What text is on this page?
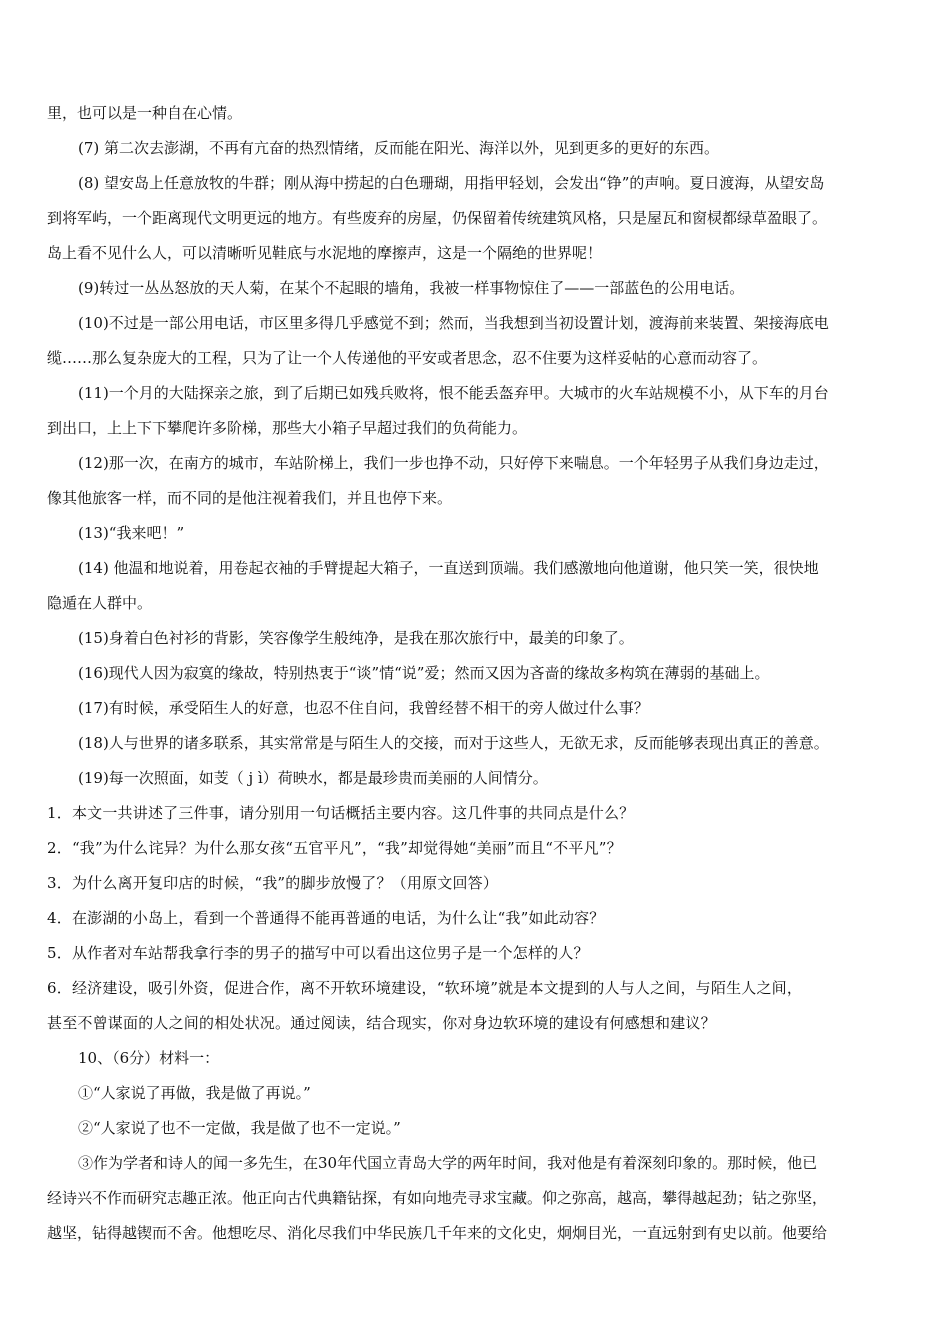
里，也可以是一种自在心情。

(7) 第二次去澎湖，不再有亢奋的热烈情绪，反而能在阳光、海洋以外，见到更多的更好的东西。

(8) 望安岛上任意放牧的牛群；刚从海中捞起的白色珊瑚，用指甲轻划，会发出“铮”的声响。夏日渡海，从望安岛

到将军屿，一个距离现代文明更远的地方。有些废弃的房屋，仍保留着传统建筑风格，只是屋瓦和窗棂都绿草盈眼了。

岛上看不见什么人，可以清晰听见鞋底与水泥地的摩擦声，这是一个隔绝的世界呢！

(9)转过一丛丛怒放的天人菊，在某个不起眼的墙角，我被一样事物惊住了——一部蓝色的公用电话。

(10)不过是一部公用电话，市区里多得几乎感觉不到；然而，当我想到当初设置计划，渡海前来装置、架接海底电

缆……那么复杂庞大的工程，只为了让一个人传递他的平安或者思念，忍不住要为这样妥帖的心意而动容了。

(11)一个月的大陆探亲之旅，到了后期已如残兵败将，恨不能丢盔弃甲。大城市的火车站规模不小，从下车的月台

到出口，上上下下攀爬许多阶梯，那些大小箱子早超过我们的负荷能力。

(12)那一次，在南方的城市，车站阶梯上，我们一步也挣不动，只好停下来喘息。一个年轻男子从我们身边走过，

像其他旅客一样，而不同的是他注视着我们，并且也停下来。

(13)“我来吧！”

(14) 他温和地说着，用卷起衣袖的手臂提起大箱子，一直送到顶端。我们感激地向他道谢，他只笑一笑，很快地

隐遁在人群中。

(15)身着白色衬衫的背影，笑容像学生般纯净，是我在那次旅行中，最美的印象了。

(16)现代人因为寂寞的缘故，特别热衷于“谈”情“说”爱；然而又因为吝啬的缘故多构筑在薄弱的基础上。

(17)有时候，承受陌生人的好意，也忍不住自问，我曾经替不相干的旁人做过什么事？

(18)人与世界的诸多联系，其实常常是与陌生人的交接，而对于这些人，无欲无求，反而能够表现出真正的善意。

(19)每一次照面，如芰（ j ì）荷映水，都是最珍贵而美丽的人间情分。

1．本文一共讲述了三件事，请分别用一句话概括主要内容。这几件事的共同点是什么？

2．“我”为什么诧异？为什么那女孩“五官平凡”，“我”却觉得她“美丽”而且“不平凡”？

3．为什么离开复印店的时候，“我”的脚步放慢了？（用原文回答）

4．在澎湖的小岛上，看到一个普通得不能再普通的电话，为什么让“我”如此动容？

5．从作者对车站帮我拿行李的男子的描写中可以看出这位男子是一个怎样的人？

6．经济建设，吸引外资，促进合作，离不开软环境建设，“软环境”就是本文提到的人与人之间，与陌生人之间，

甚至不曾谋面的人之间的相处状况。通过阅读，结合现实，你对身边软环境的建设有何感想和建议？

10、（6分）材料一：

①“人家说了再做，我是做了再说。”

②“人家说了也不一定做，我是做了也不一定说。”

③作为学者和诗人的闻一多先生，在30年代国立青岛大学的两年时间，我对他是有着深刻印象的。那时候，他已

经诗兴不作而研究志趣正浓。他正向古代典籍钻探，有如向地壳寻求宝藏。仰之弥高，越高，攀得越起劲；钻之弥坚，

越坚，钻得越锲而不舍。他想吃尽、消化尽我们中华民族几千年来的文化史，炯炯目光，一直远射到有史以前。他要给
